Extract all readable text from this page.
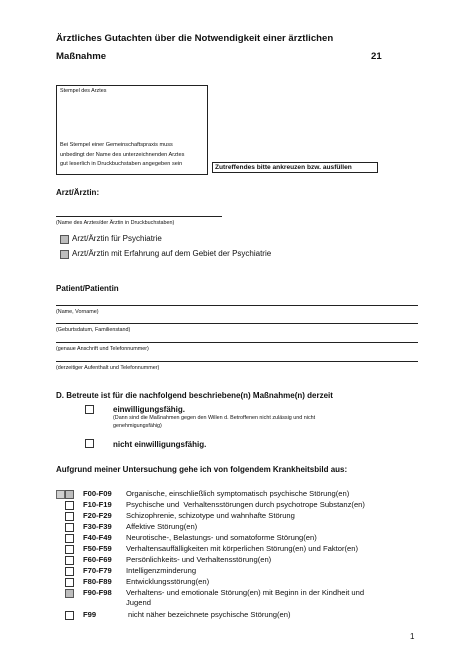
Ärztliches Gutachten über die Notwendigkeit einer ärztlichen
Maßnahme	21
Stempel des Arztes
Bei Stempel einer Gemeinschaftspraxis muss
unbedingt der Name des unterzeichnenden Arztes
gut leserlich in Druckbuchstaben angegeben sein	Zutreffendes bitte ankreuzen bzw. ausfüllen
Arzt/Ärztin:
(Name des Arztes/der Ärztin in Druckbuchstaben)
Arzt/Ärztin für Psychiatrie
Arzt/Ärztin mit Erfahrung auf dem Gebiet der Psychiatrie
Patient/Patientin
(Name, Vorname)
(Geburtsdatum, Familienstand)
(genaue Anschrift und Telefonnummer)
(derzeitiger Aufenthalt und Telefonnummer)
D. Betreute ist für die nachfolgend beschriebene(n) Maßnahme(n) derzeit
einwilligungsfähig.
(Dann sind die Maßnahmen gegen den Willen d. Betroffenen nicht zulässig und nicht
genehmigungsfähig)
nicht einwilligungsfähig.
Aufgrund meiner Untersuchung gehe ich von folgendem Krankheitsbild aus:
F00-F09 Organische, einschließlich symptomatisch psychische Störung(en)
F10-F19 Psychische und  Verhaltensstörungen durch psychotrope Substanz(en)
F20-F29 Schizophrenie, schizotype und wahnhafte Störung
F30-F39 Affektive Störung(en)
F40-F49 Neurotische-, Belastungs- und somatoforme Störung(en)
F50-F59 Verhaltensauffälligkeiten mit körperlichen Störung(en) und Faktor(en)
F60-F69 Persönlichkeits- und Verhaltensstörung(en)
F70-F79 Intelligenzminderung
F80-F89 Entwicklungsstörung(en)
F90-F98 Verhaltens- und emotionale Störung(en) mit Beginn in der Kindheit und
Jugend
F99	nicht näher bezeichnete psychische Störung(en)
1
